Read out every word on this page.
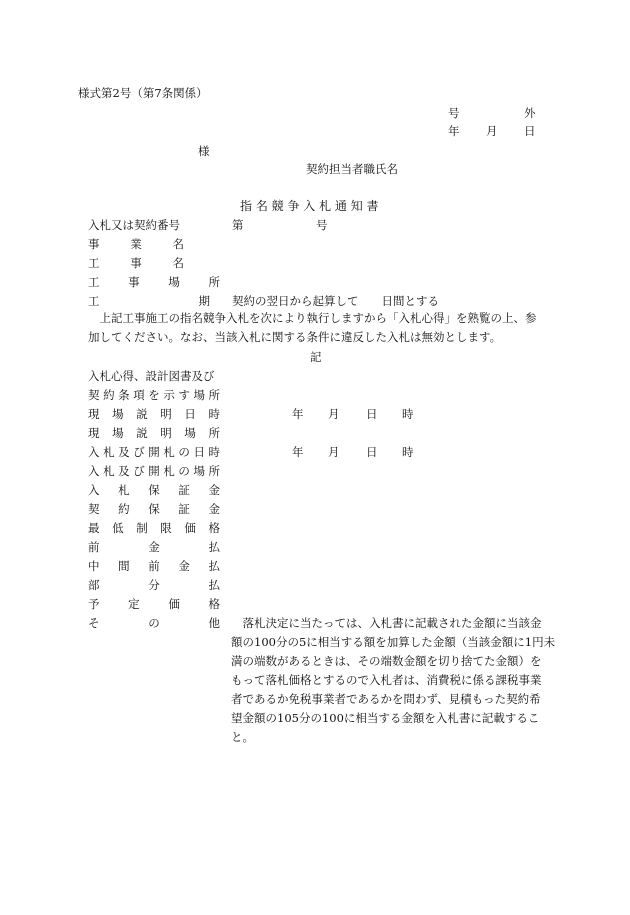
様式第2号（第7条関係）
号	外
年 月 日
様
契約担当者職氏名
指 名 競 争 入 札 通 知 書
入札又は契約番号	第	号
事	業	名
工	事	名
工 事 場 所
工	期 契約の翌日から起算して　　日間とする
　上記工事施工の指名競争入札を次により執行しますから「入札心得」を熟覧の上、参
加してください。なお、当該入札に関する条件に違反した入札は無効とします。
記
入札心得、設計図書及び
契 約 条 項 を 示 す 場 所
現 場 説 明 日 時	年 月 日 時
現 場 説 明 場 所
入 札 及 び 開 札 の 日 時	年 月 日 時
入 札 及 び 開 札 の 場 所
入 札 保 証 金
契 約 保 証 金
最 低 制 限 価 格
前	金	払
中 間 前 金 払
部	分	払
予 定 価 格
そ	の	他 　落札決定に当たっては、入札書に記載された金額に当該金
額の100分の5に相当する額を加算した金額（当該金額に1円未
満の端数があるときは、その端数金額を切り捨てた金額）を
もって落札価格とするので入札者は、消費税に係る課税事業
者であるか免税事業者であるかを問わず、見積もった契約希
望金額の105分の100に相当する金額を入札書に記載するこ
と。
